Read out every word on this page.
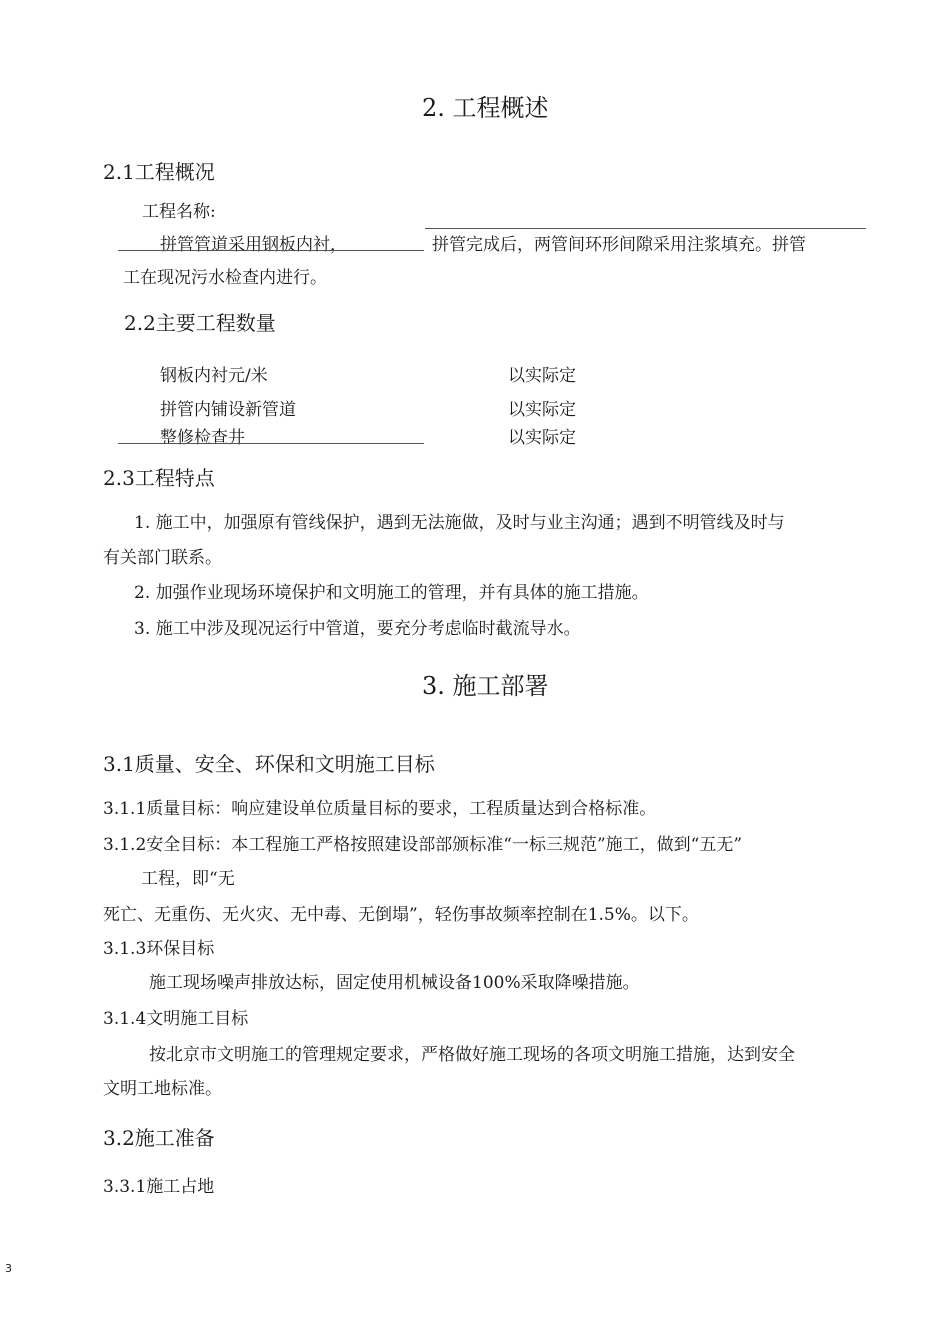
2. 工程概述
2.1工程概况
工程名称:
拼管管道采用钢板内衬，	拼管完成后，两管间环形间隙采用注浆填充。拼管
工在现况污水检查内进行。
2.2主要工程数量
钢板内衬元/米	以实际定
拼管内铺设新管道	以实际定
整修检查井	以实际定
2.3工程特点
1. 施工中，加强原有管线保护，遇到无法施做，及时与业主沟通；遇到不明管线及时与
有关部门联系。
2. 加强作业现场环境保护和文明施工的管理，并有具体的施工措施。
3. 施工中涉及现况运行中管道，要充分考虑临时截流导水。
3. 施工部署
3.1质量、安全、环保和文明施工目标
3.1.1质量目标：响应建设单位质量目标的要求，工程质量达到合格标准。
3.1.2安全目标：本工程施工严格按照建设部部颁标准“一标三规范”施工，做到“五无”
工程，即“无
死亡、无重伤、无火灾、无中毒、无倒塌”，轻伤事故频率控制在1.5%。以下。
3.1.3环保目标
施工现场噪声排放达标，固定使用机械设备100%采取降噪措施。
3.1.4文明施工目标
按北京市文明施工的管理规定要求，严格做好施工现场的各项文明施工措施，达到安全
文明工地标准。
3.2施工准备
3.3.1施工占地
3
